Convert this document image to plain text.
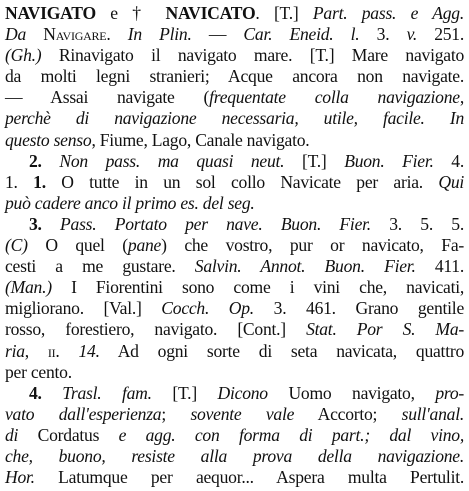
NAVIGATO e † NAVICATO. [T.] Part. pass. e Agg.
Da Navigare. In Plin. — Car. Eneid. l. 3. v. 251.
(Gh.) Rinavigato il navigato mare. [T.] Mare navigato
da molti legni stranieri; Acque ancora non navigate.
— Assai navigate (frequentate colla navigazione,
perchè di navigazione necessaria, utile, facile. In
questo senso, Fiume, Lago, Canale navigato.
2. Non pass. ma quasi neut. [T.] Buon. Fier. 4.
1. 1. O tutte in un sol collo Navicate per aria. Qui
può cadere anco il primo es. del seg.
3. Pass. Portato per nave. Buon. Fier. 3. 5. 5.
(C) O quel (pane) che vostro, pur or navicato, Fa-
cesti a me gustare. Salvin. Annot. Buon. Fier. 411.
(Man.) I Fiorentini sono come i vini che, navicati,
migliorano. [Val.] Cocch. Op. 3. 461. Grano gentile
rosso, forestiero, navigato. [Cont.] Stat. Por S. Ma-
ria, ii. 14. Ad ogni sorte di seta navicata, quattro
per cento.
4. Trasl. fam. [T.] Dicono Uomo navigato, pro-
vato dall'esperienza; sovente vale Accorto; sull'anal.
di Cordatus e agg. con forma di part.; dal vino,
che, buono, resiste alla prova della navigazione.
Hor. Latumque per aequor... Aspera multa Pertulit.
